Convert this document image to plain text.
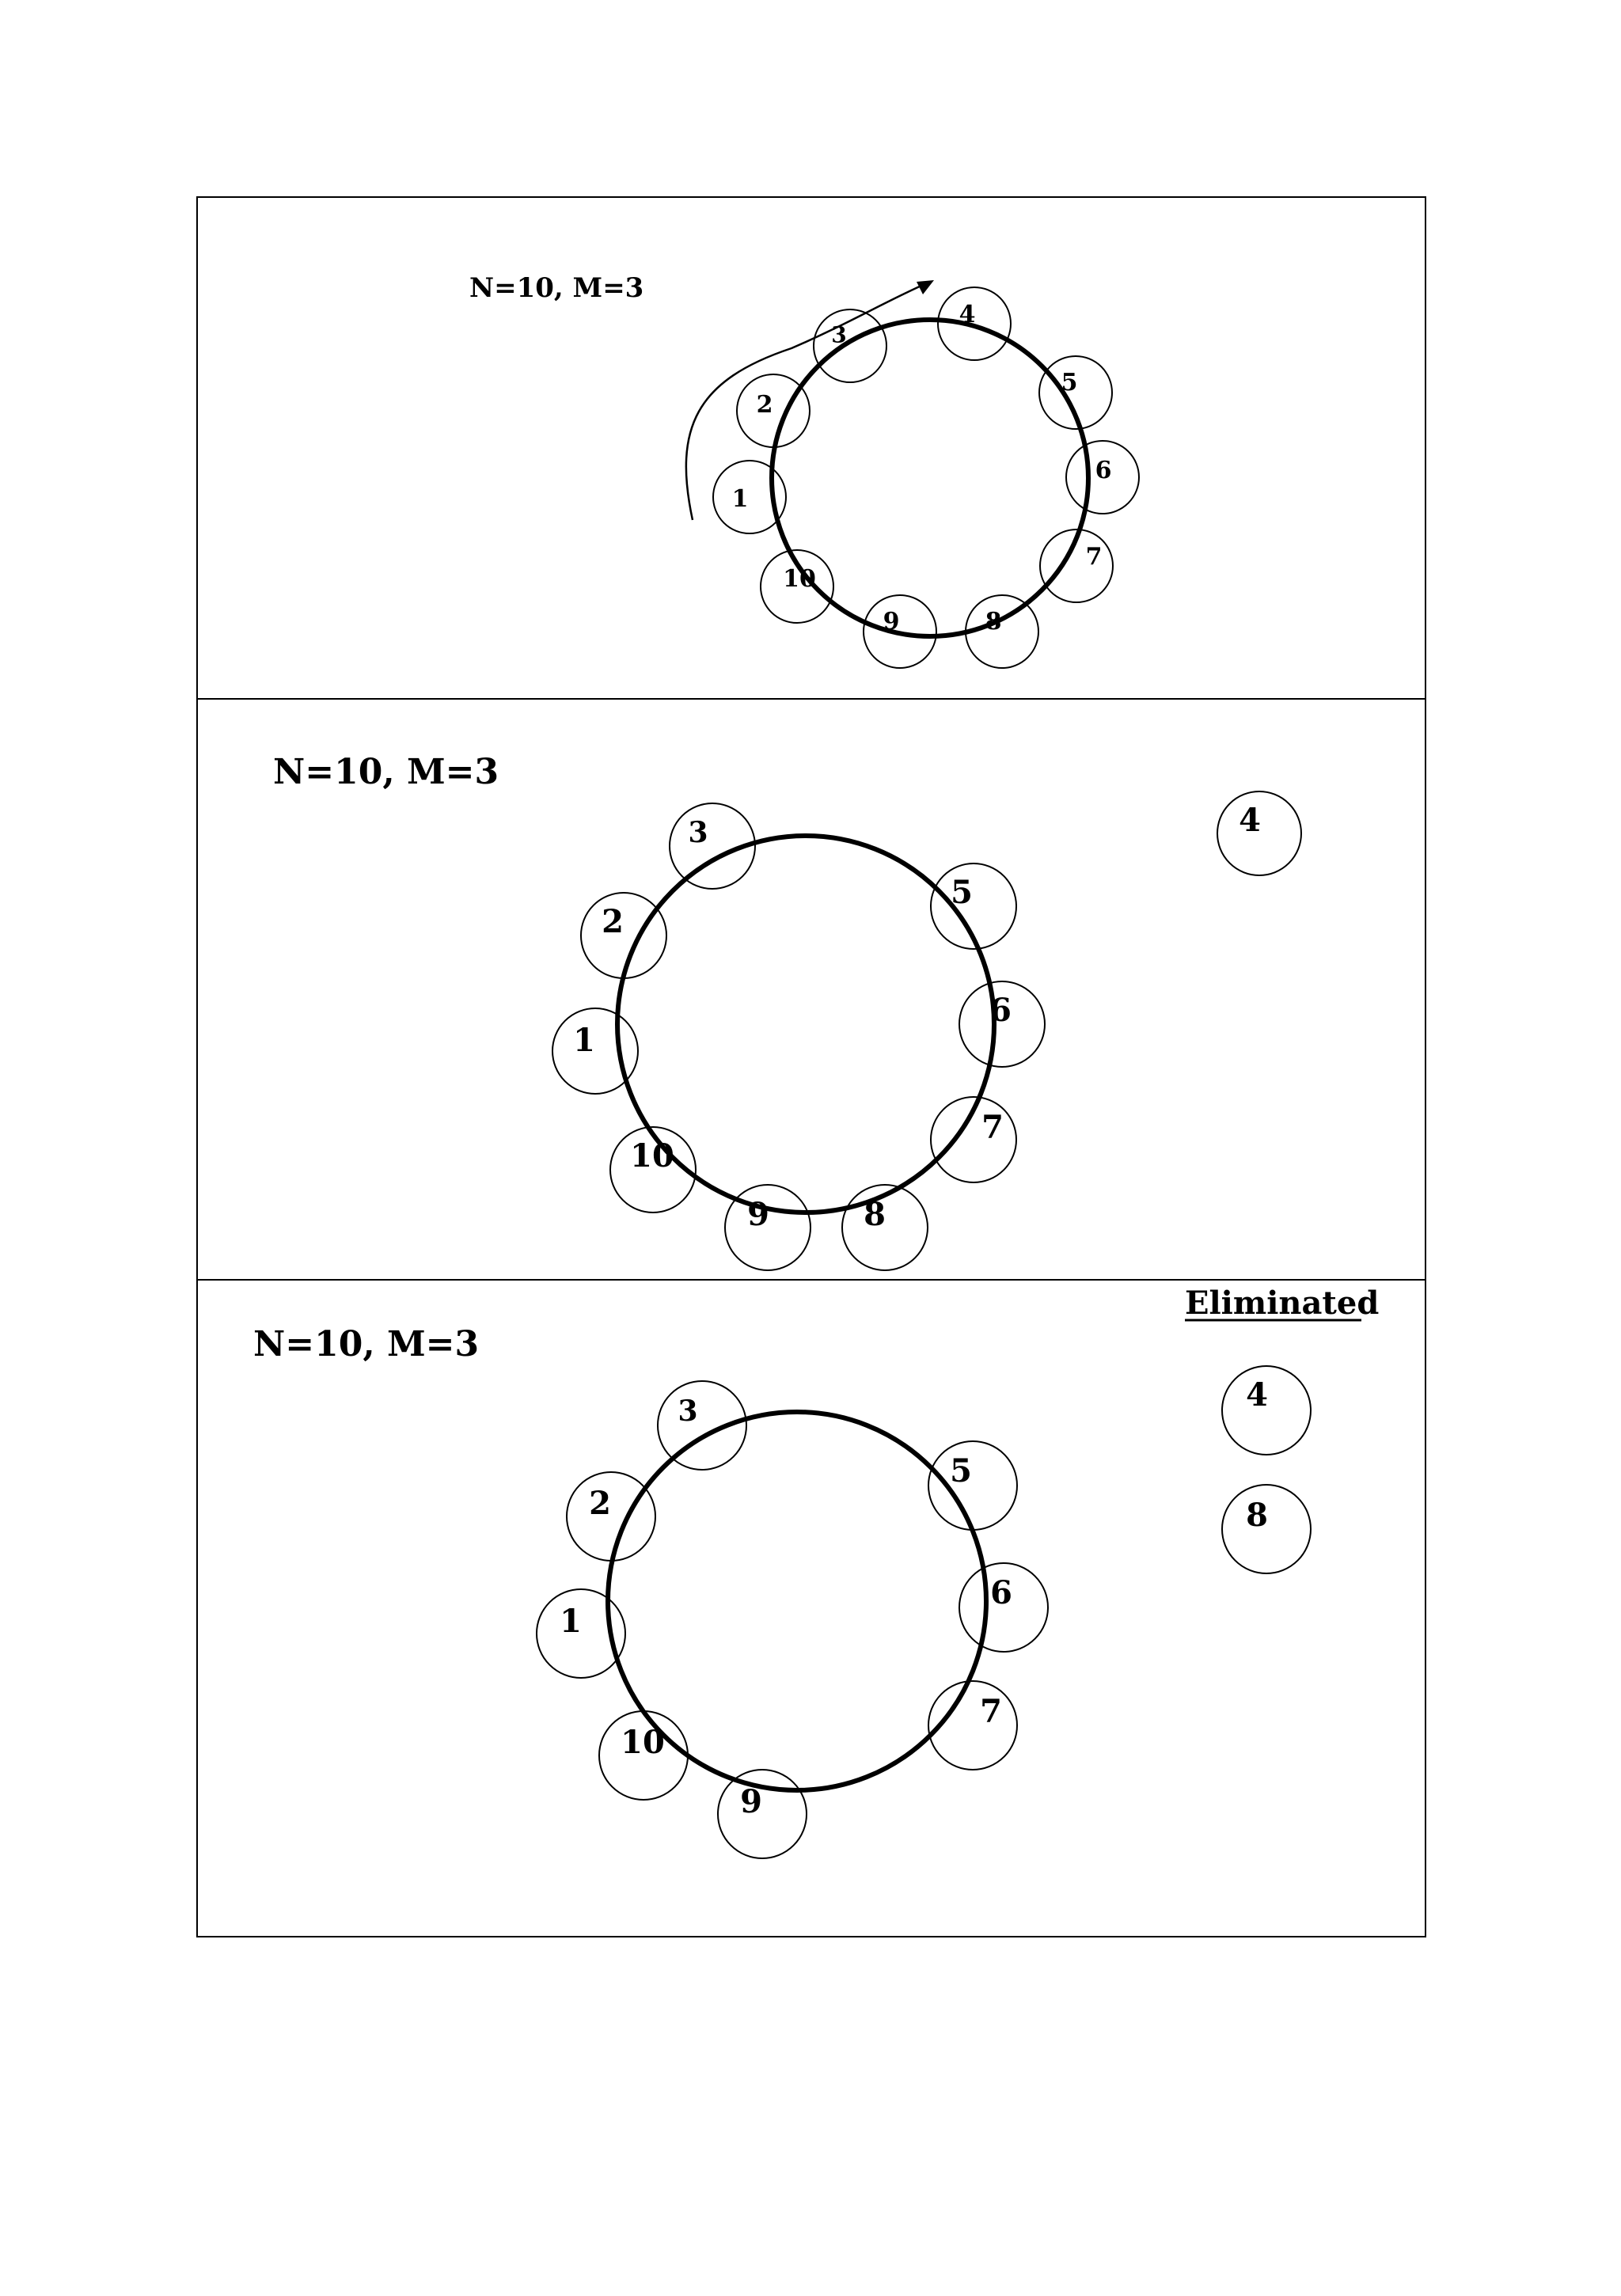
N=10, M=3
1
2
3
4
5
6
7
8
9
10
N=10, M=3
1
2
3
5
6
7
8
9
10
4
N=10, M=3
Eliminated
1
2
3
5
6
7
9
10
4
8
